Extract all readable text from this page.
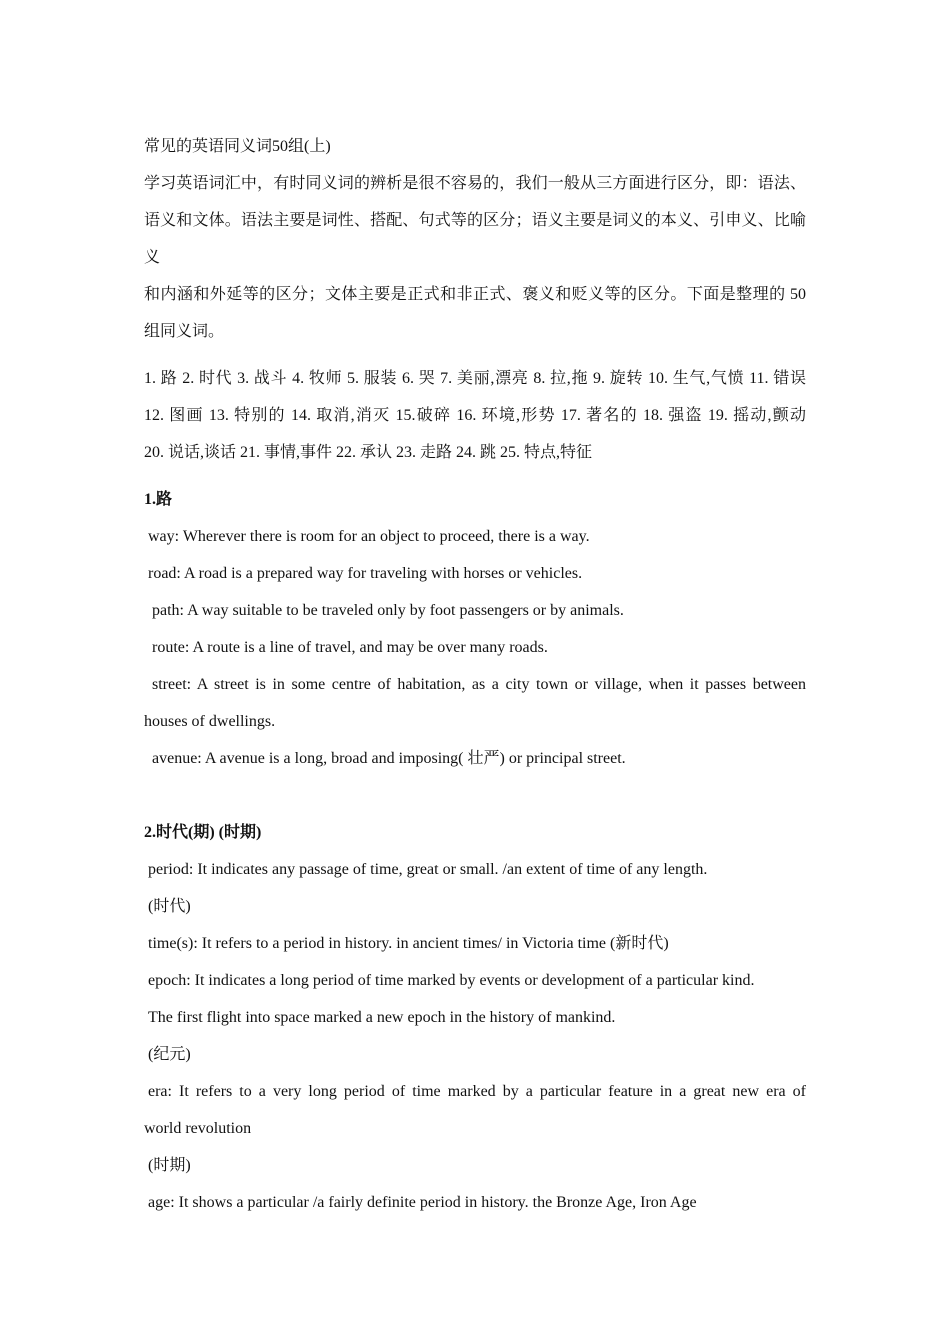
常见的英语同义词50组(上)

学习英语词汇中，有时同义词的辨析是很不容易的，我们一般从三方面进行区分，即：语法、

语义和文体。语法主要是词性、搭配、句式等的区分；语义主要是词义的本义、引申义、比喻义

和内涵和外延等的区分；文体主要是正式和非正式、褒义和贬义等的区分。下面是整理的 50

组同义词。

1. 路 2. 时代 3. 战斗 4. 牧师 5. 服装 6. 哭 7. 美丽,漂亮 8. 拉,拖 9. 旋转 10. 生气,气愤 11. 错误

12. 图画 13. 特别的 14. 取消,消灭 15.破碎 16. 环境,形势 17. 著名的 18. 强盗 19. 摇动,颤动

20. 说话,谈话 21. 事情,事件 22. 承认 23. 走路 24. 跳 25. 特点,特征

1.路

way: Wherever there is room for an object to proceed, there is a way.

road: A road is a prepared way for traveling with horses or vehicles.

path: A way suitable to be traveled only by foot passengers or by animals.

route: A route is a line of travel, and may be over many roads.

street: A street is in some centre of habitation, as a city town or village, when it passes between

houses of dwellings.

avenue: A avenue is a long, broad and imposing( 壮严) or principal street.

2.时代(期) (时期)

period: It indicates any passage of time, great or small. /an extent of time of any length.

(时代)

time(s): It refers to a period in history. in ancient times/ in Victoria time (新时代)

epoch: It indicates a long period of time marked by events or development of a particular kind.

The first flight into space marked a new epoch in the history of mankind.

(纪元)

era: It refers to a very long period of time marked by a particular feature in a great new era of

world revolution

(时期)

age: It shows a particular /a fairly definite period in history. the Bronze Age, Iron Age
